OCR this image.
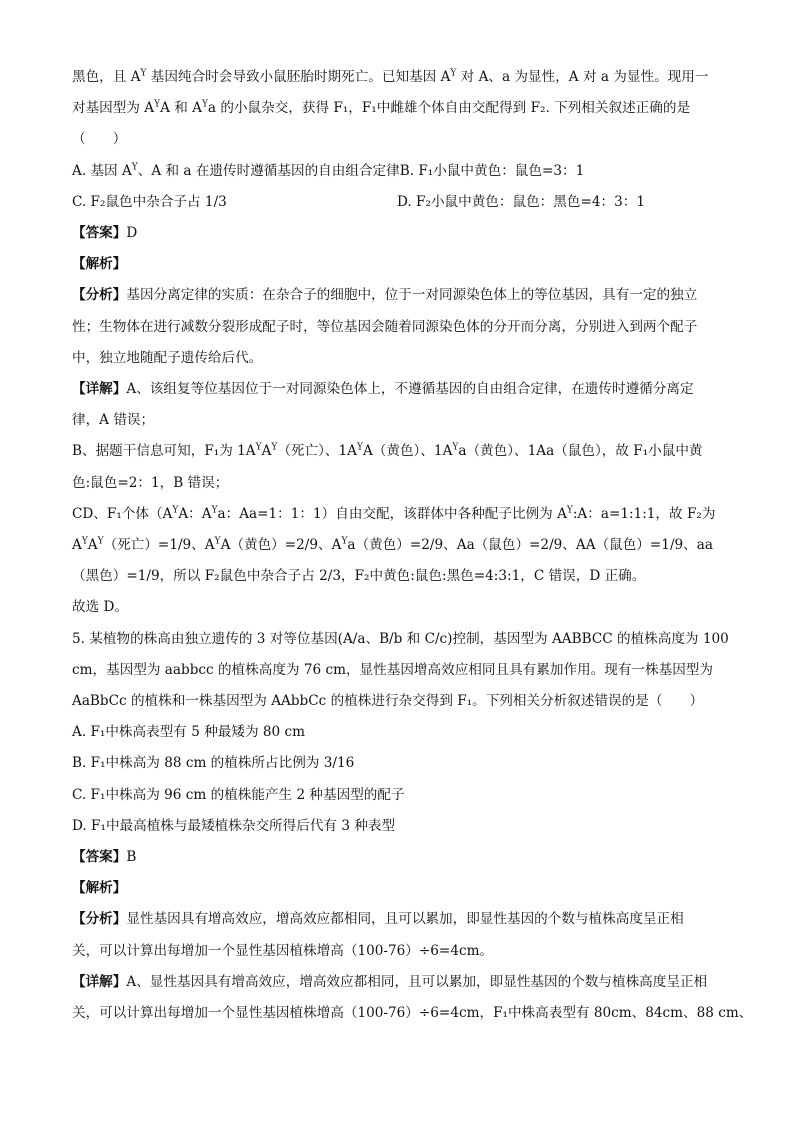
黑色，且 $A^Y$ 基因纯合时会导致小鼠胚胎时期死亡。已知基因 $A^Y$ 对 A、a 为显性，A 对 a 为显性。现用一
对基因型为 $A^YA$ 和 $A^Ya$ 的小鼠杂交，获得 F₁，F₁中雌雄个体自由交配得到 F₂. 下列相关叙述正确的是
（　　）
A. 基因 $A^Y$、A 和 a 在遗传时遵循基因的自由组合定律B. F₁小鼠中黄色：鼠色=3：1
C. F₂鼠色中杂合子占 1/3	D. F₂小鼠中黄色：鼠色：黑色=4：3：1
【答案】D
【解析】
【分析】基因分离定律的实质：在杂合子的细胞中，位于一对同源染色体上的等位基因，具有一定的独立
性；生物体在进行减数分裂形成配子时，等位基因会随着同源染色体的分开而分离，分别进入到两个配子
中，独立地随配子遗传给后代。
【详解】A、该组复等位基因位于一对同源染色体上，不遵循基因的自由组合定律，在遗传时遵循分离定
律，A 错误；
B、据题干信息可知，F₁为 $1A^YA^Y$（死亡）、$1A^YA$（黄色）、$1A^Ya$（黄色）、1Aa（鼠色），故 F₁小鼠中黄
色:鼠色=2：1，B 错误；
CD、F₁个体（$A^YA$：$A^Ya$：Aa=1：1：1）自由交配，该群体中各种配子比例为 $A^Y:A$：a=1:1:1，故 F₂为
$A^YA^Y$（死亡）=1/9、$A^YA$（黄色）=2/9、$A^Ya$（黄色）=2/9、Aa（鼠色）=2/9、AA（鼠色）=1/9、aa
（黑色）=1/9，所以 F₂鼠色中杂合子占 2/3，F₂中黄色:鼠色:黑色=4:3:1，C 错误，D 正确。
故选 D。
5. 某植物的株高由独立遗传的 3 对等位基因(A/a、B/b 和 C/c)控制，基因型为 AABBCC 的植株高度为 100
cm，基因型为 aabbcc 的植株高度为 76 cm，显性基因增高效应相同且具有累加作用。现有一株基因型为
AaBbCc 的植株和一株基因型为 AAbbCc 的植株进行杂交得到 F₁。下列相关分析叙述错误的是（　　）
A. F₁中株高表型有 5 种最矮为 80 cm
B. F₁中株高为 88 cm 的植株所占比例为 3/16
C. F₁中株高为 96 cm 的植株能产生 2 种基因型的配子
D. F₁中最高植株与最矮植株杂交所得后代有 3 种表型
【答案】B
【解析】
【分析】显性基因具有增高效应，增高效应都相同，且可以累加，即显性基因的个数与植株高度呈正相
关，可以计算出每增加一个显性基因植株增高（100-76）÷6=4cm。
【详解】A、显性基因具有增高效应，增高效应都相同，且可以累加，即显性基因的个数与植株高度呈正相
关，可以计算出每增加一个显性基因植株增高（100-76）÷6=4cm，F₁中株高表型有 80cm、84cm、88 cm、
